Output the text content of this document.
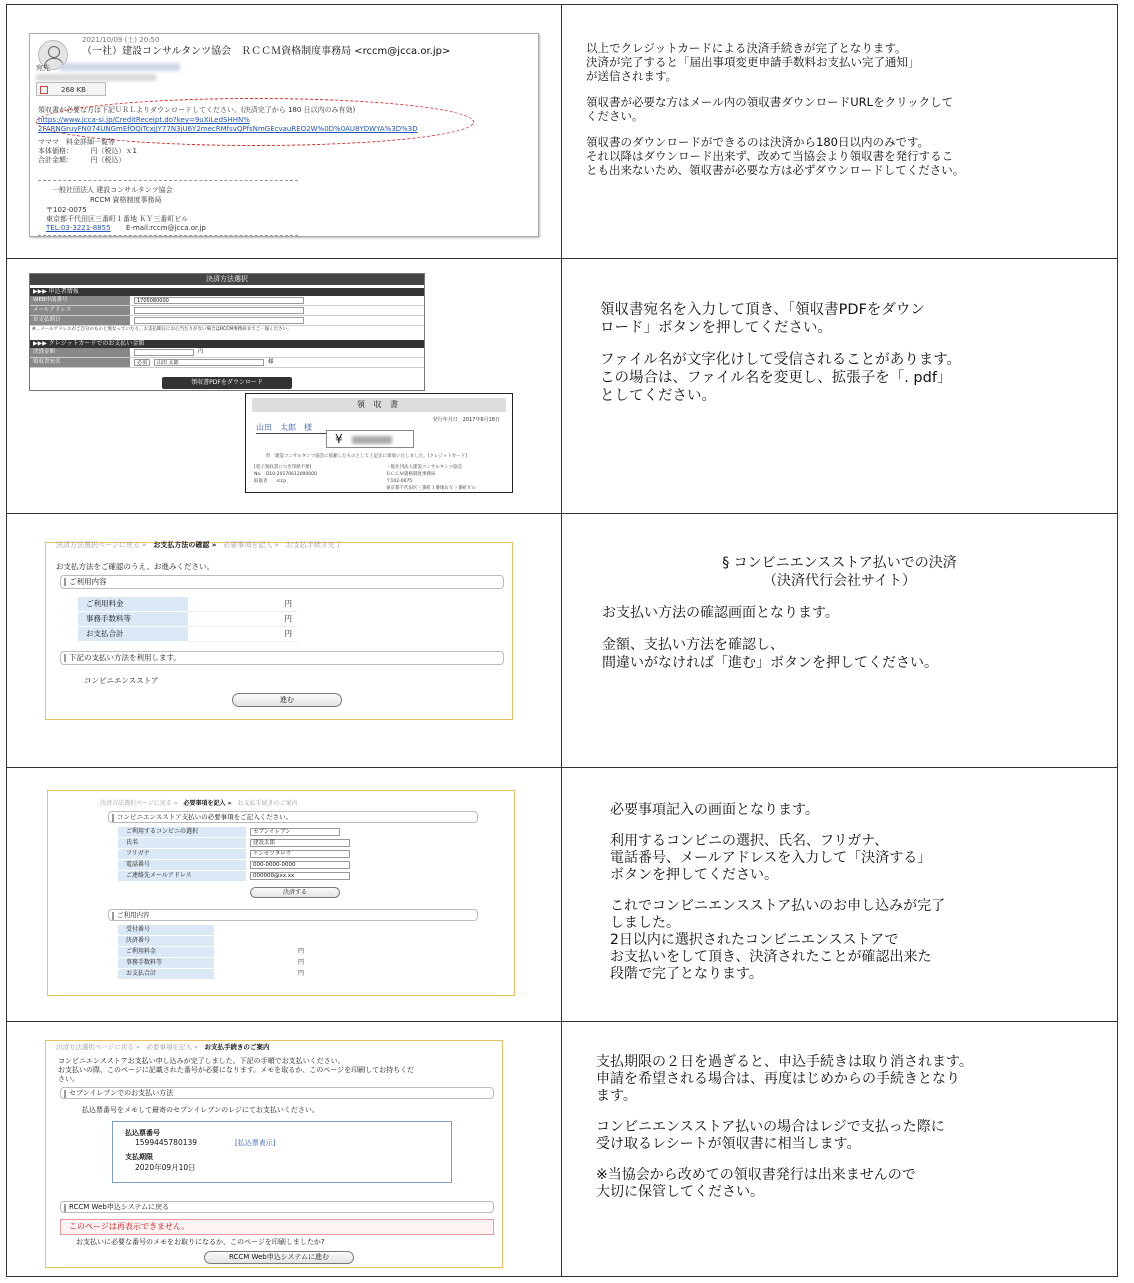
2021/10/09 (土) 20:50
（一社）建設コンサルタンツ協会　ＲＣＣＭ資格制度事務局 <rccm@jcca.or.jp>
宛先
268 KB
領収書が必要な方は下記ＵＲＬよりダウンロードしてください。(決済完了から 180 日以内のみ有効)
https://www.jcca-si.jp/CreditReceipt.do?key=9uXiLedSHHN%
2FARNGruyFN074UNGmEfOQiTcxjjY77N3jU6Y2mecRMfsvQPfsNmGEcvauREO2W%0D%0AU8YDWYA%3D%3D
マママ　料金詳細一覧等
本体価格：　　　円（税込）ｘ1
合計金額：　　　円（税込）
一般社団法人 建設コンサルタンツ協会
RCCM 資格制度事務局
〒102-0075
東京都千代田区三番町１番地 ＫＹ三番町ビル
TEL:03-3221-8855 E-mail:rccm@jcca.or.jp

以上でクレジットカードによる決済手続きが完了となります。
決済が完了すると「届出事項変更申請手数料お支払い完了通知」
が送信されます。

領収書が必要な方はメール内の領収書ダウンロードURLをクリックして
ください。

領収書のダウンロードができるのは決済から180日以内のみです。
それ以降はダウンロード出来ず、改めて当協会より領収書を発行するこ
とも出来ないため、領収書が必要な方は必ずダウンロードしてください。

決済方法選択
▶▶▶ 申込者情報
WEB申請番号	1705080000
メールアドレス
お支払期日
※…メールアドレスがご自分のものと異なっていたり、お支払期日にお心当たりがない場合はRCCM事務局までご一報ください。
▶▶▶ クレジットカードでのお支払い金額
決済金額	円
領収書宛名	必須	山田 太郎	様
領収書PDFをダウンロード
領 収 書
発行年月日　2017年6月18日
山田　太郎　様
¥
但　建設コンサルタンツ協会に依頼したものとして上記正に領収いたしました。[クレジットカード]
[電子領収書につき印紙不要]
No.　D10-20170612000000
取扱者　　rccp
一般社団法人建設コンサルタンツ協会
ＲＣＣＭ資格制度事務局
〒102-0075
東京都千代田区三番町１番地ＫＹ三番町ビル

領収書宛名を入力して頂き、「領収書PDFをダウン
ロード」ボタンを押してください。

ファイル名が文字化けして受信されることがあります。
この場合は、ファイル名を変更し、拡張子を「. pdf」
としてください。

決済方法選択ページに戻る »　 お支払方法の確認 »　 必要事項を記入 »　 お支払手続き完了
お支払方法をご確認のうえ、お進みください。
ご利用内容
ご利用料金	円
事務手数料等	円
お支払合計	円
下記の支払い方法を利用します。
コンビニエンスストア
進む

§ コンビニエンスストア払いでの決済

（決済代行会社サイト）

お支払い方法の確認画面となります。

金額、支払い方法を確認し、
間違いがなければ「進む」ボタンを押してください。

決済方法選択ページに戻る »　 必要事項を記入 »　 お支払手続きのご案内
コンビニエンスストア支払いの必要事項をご記入ください。
ご利用するコンビニの選択	セブンイレブン
氏名	建設太郎
フリガナ	ケンセツタロウ
電話番号	000-0000-0000
ご連絡先メールアドレス	000000@xx.xx
決済する
ご利用内容
受付番号
決済番号
ご利用料金	円
事務手数料等	円
お支払合計	円

必要事項記入の画面となります。

利用するコンビニの選択、氏名、フリガナ、
電話番号、メールアドレスを入力して「決済する」
ボタンを押してください。

これでコンビニエンスストア払いのお申し込みが完了
しました。
2日以内に選択されたコンビニエンスストアで
お支払いをして頂き、決済されたことが確認出来た
段階で完了となります。

決済方法選択ページに戻る »　 必要事項を記入 »　 お支払手続きのご案内
コンビニエンスストアお支払い申し込みが完了しました。下記の手順でお支払いください。
お支払いの際、このページに記載された番号が必要になります。メモを取るか、このページを印刷してお持ちくだ
さい。
セブンイレブンでのお支払い方法
払込票番号をメモして最寄のセブンイレブンのレジにてお支払いください。
払込票番号
1599445780139	[払込票表示]
支払期限
2020年09月10日
RCCM Web申込システムに戻る
このページは再表示できません。
お支払いに必要な番号のメモをお取りになるか、このページを印刷しましたか?
RCCM Web申込システムに進む

支払期限の２日を過ぎると、申込手続きは取り消されます。
申請を希望される場合は、再度はじめからの手続きとなり
ます。

コンビニエンスストア払いの場合はレジで支払った際に
受け取るレシートが領収書に相当します。

※当協会から改めての領収書発行は出来ませんので
大切に保管してください。
